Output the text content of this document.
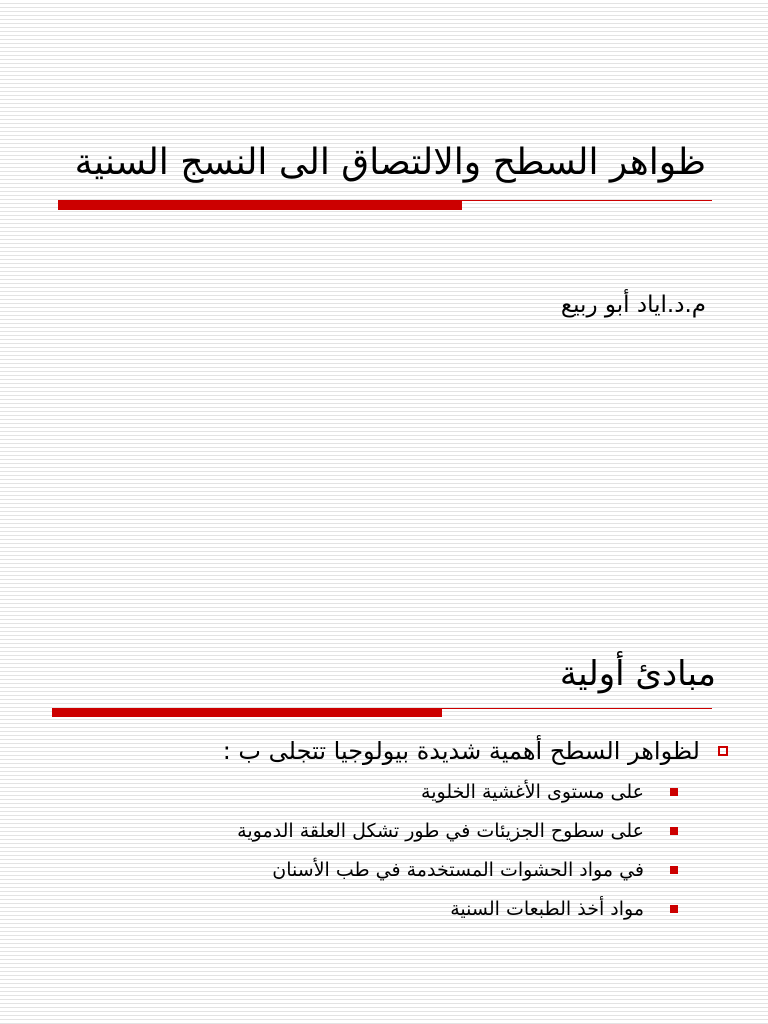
ظواهر السطح والالتصاق الى النسج السنية
م.د.اياد أبو ربيع
مبادئ أولية
لظواهر السطح أهمية شديدة بيولوجيا تتجلى ب :
على مستوى الأغشية الخلوية
على سطوح الجزيئات في طور تشكل العلقة الدموية
في مواد الحشوات المستخدمة في طب الأسنان
مواد أخذ الطبعات السنية
